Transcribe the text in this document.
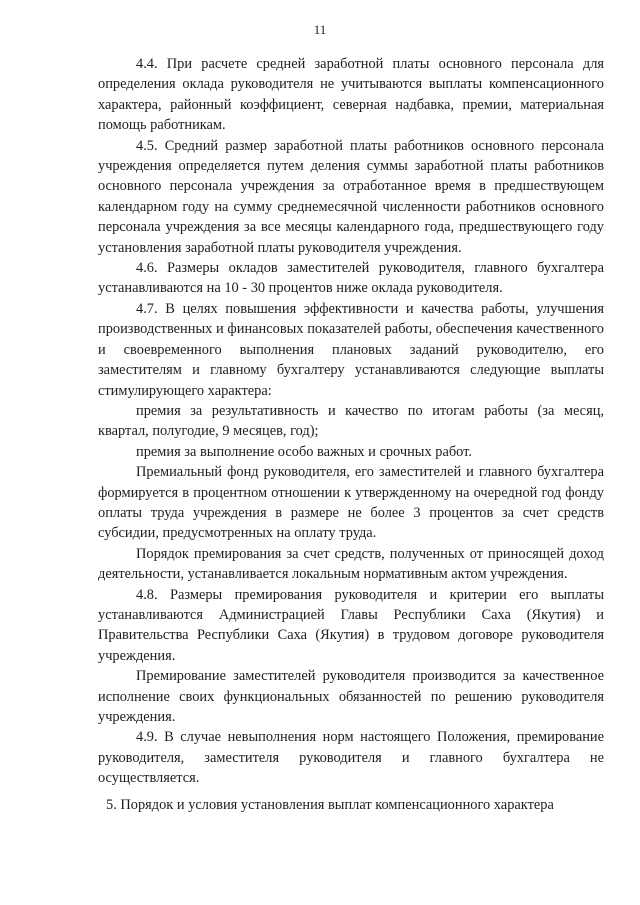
11

4.4. При расчете средней заработной платы основного персонала для определения оклада руководителя не учитываются выплаты компенсационного характера, районный коэффициент, северная надбавка, премии, материальная помощь работникам.

4.5. Средний размер заработной платы работников основного персонала учреждения определяется путем деления суммы заработной платы работников основного персонала учреждения за отработанное время в предшествующем календарном году на сумму среднемесячной численности работников основного персонала учреждения за все месяцы календарного года, предшествующего году установления заработной платы руководителя учреждения.

4.6. Размеры окладов заместителей руководителя, главного бухгалтера устанавливаются на 10 - 30 процентов ниже оклада руководителя.

4.7. В целях повышения эффективности и качества работы, улучшения производственных и финансовых показателей работы, обеспечения качественного и своевременного выполнения плановых заданий руководителю, его заместителям и главному бухгалтеру устанавливаются следующие выплаты стимулирующего характера:

премия за результативность и качество по итогам работы (за месяц, квартал, полугодие, 9 месяцев, год);

премия за выполнение особо важных и срочных работ.

Премиальный фонд руководителя, его заместителей и главного бухгалтера формируется в процентном отношении к утвержденному на очередной год фонду оплаты труда учреждения в размере не более 3 процентов за счет средств субсидии, предусмотренных на оплату труда.

Порядок премирования за счет средств, полученных от приносящей доход деятельности, устанавливается локальным нормативным актом учреждения.

4.8. Размеры премирования руководителя и критерии его выплаты устанавливаются Администрацией Главы Республики Саха (Якутия) и Правительства Республики Саха (Якутия) в трудовом договоре руководителя учреждения.

Премирование заместителей руководителя производится за качественное исполнение своих функциональных обязанностей по решению руководителя учреждения.

4.9. В случае невыполнения норм настоящего Положения, премирование руководителя, заместителя руководителя и главного бухгалтера не осуществляется.

5. Порядок и условия установления выплат компенсационного характера
